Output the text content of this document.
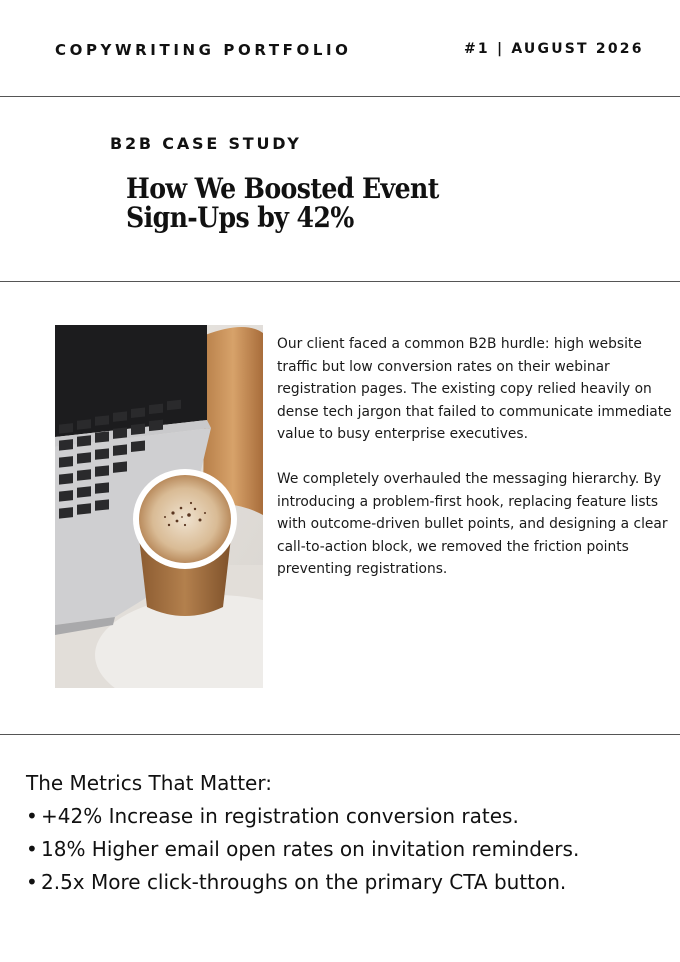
COPYWRITING PORTFOLIO	#1 | AUGUST 2026
B2B CASE STUDY
How We Boosted Event
Sign-Ups by 42%

Our client faced a common B2B hurdle: high website traffic but low conversion rates on their webinar registration pages. The existing copy relied heavily on dense tech jargon that failed to communicate immediate value to busy enterprise executives.

We completely overhauled the messaging hierarchy. By introducing a problem-first hook, replacing feature lists with outcome-driven bullet points, and designing a clear call-to-action block, we removed the friction points preventing registrations.

The Metrics That Matter:
• +42% Increase in registration conversion rates.
• 18% Higher email open rates on invitation reminders.
• 2.5x More click-throughs on the primary CTA button.
